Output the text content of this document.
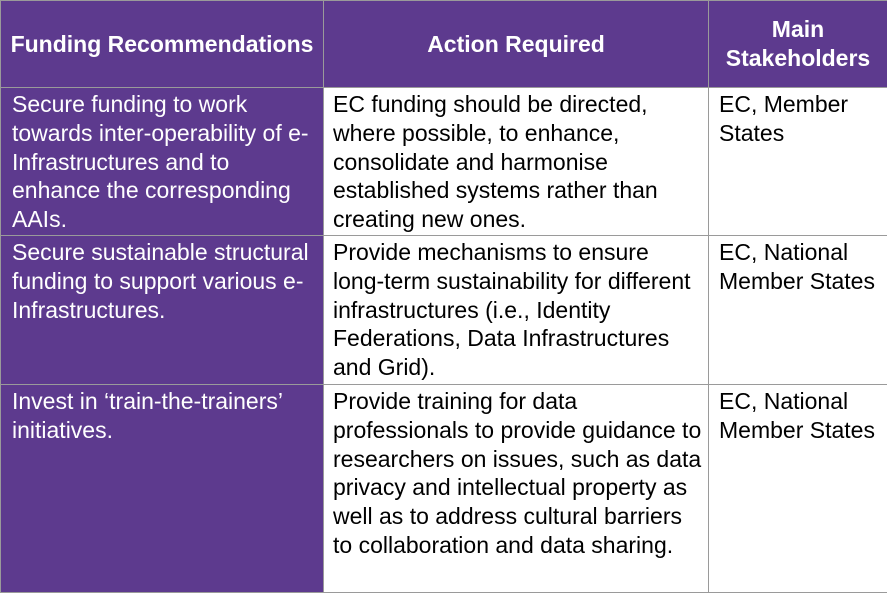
Funding Recommendations	Action Required	Main Stakeholders
Secure funding to work towards inter-operability of e-Infrastructures and to enhance the corresponding AAIs.	EC funding should be directed, where possible, to enhance, consolidate and harmonise established systems rather than creating new ones.	EC, Member States
Secure sustainable structural funding to support various e-Infrastructures.	Provide mechanisms to ensure long-term sustainability for different infrastructures (i.e., Identity Federations, Data Infrastructures and Grid).	EC, National Member States
Invest in ‘train-the-trainers’ initiatives.	Provide training for data professionals to provide guidance to researchers on issues, such as data privacy and intellectual property as well as to address cultural barriers to collaboration and data sharing.	EC, National Member States
